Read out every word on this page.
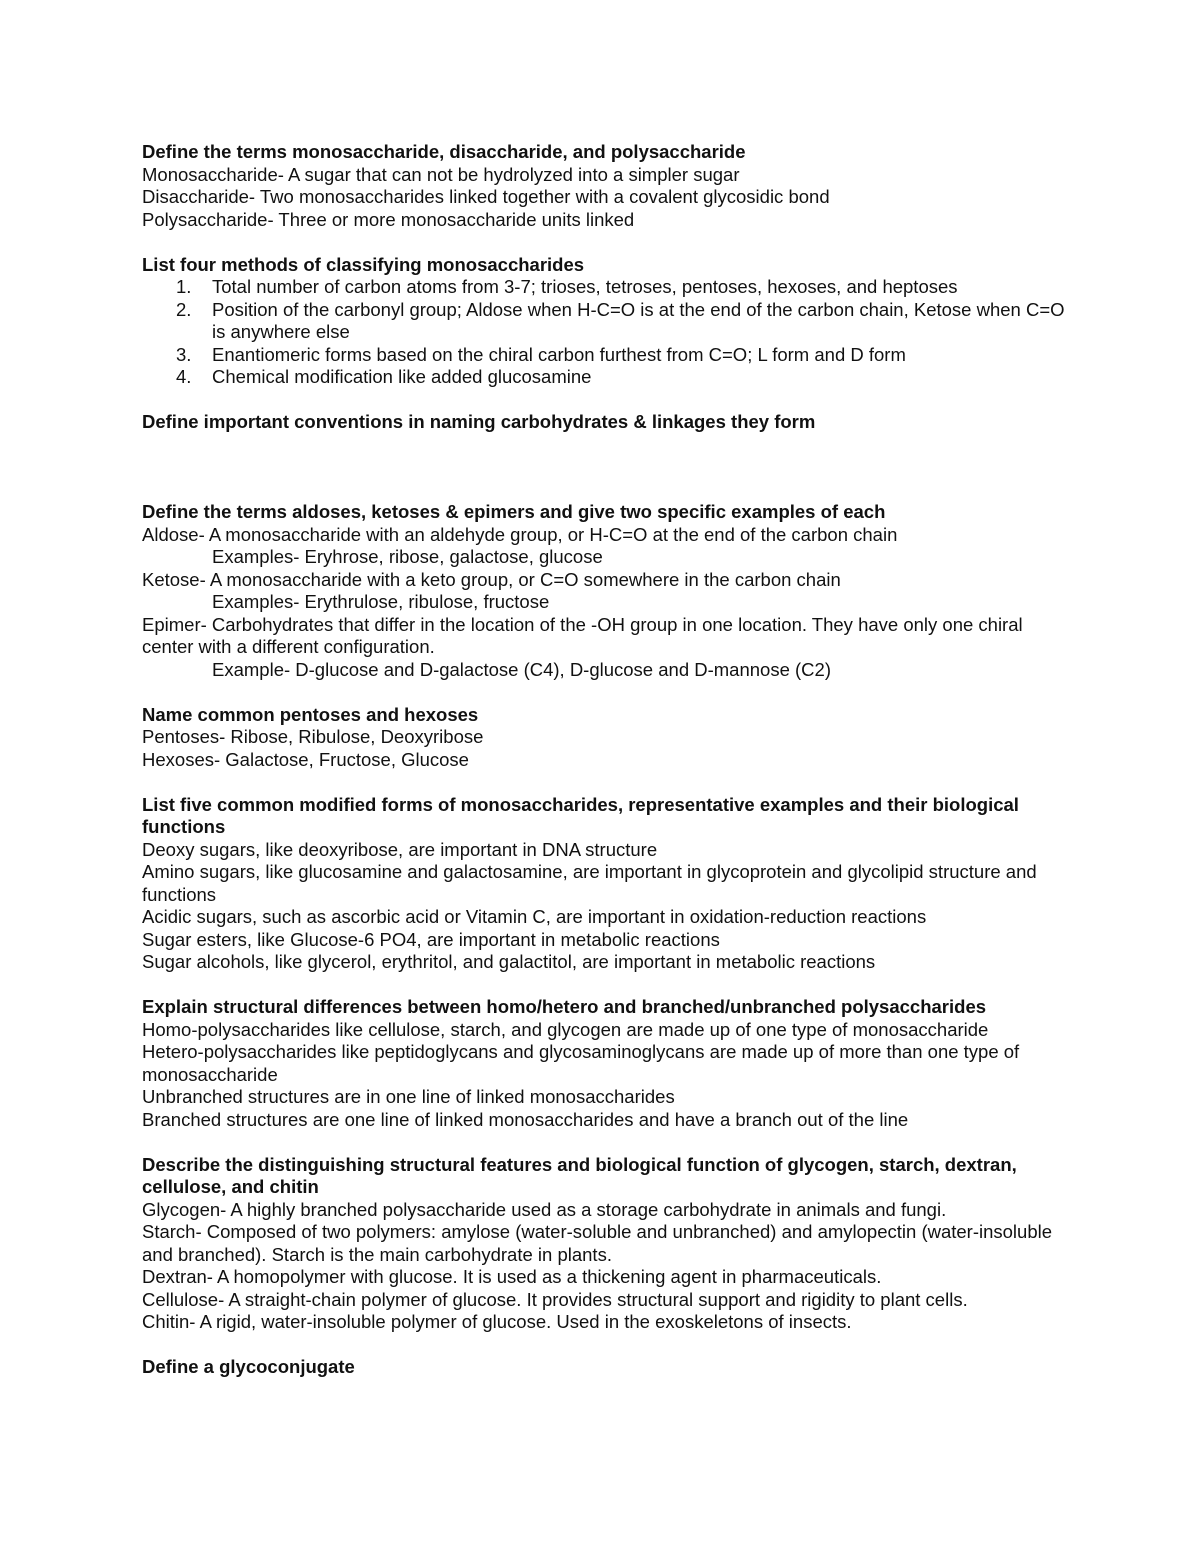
Define the terms monosaccharide, disaccharide, and polysaccharide

Monosaccharide- A sugar that can not be hydrolyzed into a simpler sugar

Disaccharide- Two monosaccharides linked together with a covalent glycosidic bond

Polysaccharide- Three or more monosaccharide units linked

List four methods of classifying monosaccharides

1. Total number of carbon atoms from 3-7; trioses, tetroses, pentoses, hexoses, and heptoses
2. Position of the carbonyl group; Aldose when H-C=O is at the end of the carbon chain, Ketose when C=O is anywhere else
3. Enantiomeric forms based on the chiral carbon furthest from C=O; L form and D form
4. Chemical modification like added glucosamine

Define important conventions in naming carbohydrates & linkages they form

Define the terms aldoses, ketoses & epimers and give two specific examples of each

Aldose- A monosaccharide with an aldehyde group, or H-C=O at the end of the carbon chain

Examples- Eryhrose, ribose, galactose, glucose

Ketose- A monosaccharide with a keto group, or C=O somewhere in the carbon chain

Examples- Erythrulose, ribulose, fructose

Epimer- Carbohydrates that differ in the location of the -OH group in one location. They have only one chiral center with a different configuration.

Example- D-glucose and D-galactose (C4), D-glucose and D-mannose (C2)

Name common pentoses and hexoses

Pentoses- Ribose, Ribulose, Deoxyribose

Hexoses- Galactose, Fructose, Glucose

List five common modified forms of monosaccharides, representative examples and their biological functions

Deoxy sugars, like deoxyribose, are important in DNA structure

Amino sugars, like glucosamine and galactosamine, are important in glycoprotein and glycolipid structure and functions

Acidic sugars, such as ascorbic acid or Vitamin C, are important in oxidation-reduction reactions

Sugar esters, like Glucose-6 PO4, are important in metabolic reactions

Sugar alcohols, like glycerol, erythritol, and galactitol, are important in metabolic reactions

Explain structural differences between homo/hetero and branched/unbranched polysaccharides

Homo-polysaccharides like cellulose, starch, and glycogen are made up of one type of monosaccharide

Hetero-polysaccharides like peptidoglycans and glycosaminoglycans are made up of more than one type of monosaccharide

Unbranched structures are in one line of linked monosaccharides

Branched structures are one line of linked monosaccharides and have a branch out of the line

Describe the distinguishing structural features and biological function of glycogen, starch, dextran, cellulose, and chitin

Glycogen- A highly branched polysaccharide used as a storage carbohydrate in animals and fungi.

Starch- Composed of two polymers: amylose (water-soluble and unbranched) and amylopectin (water-insoluble and branched). Starch is the main carbohydrate in plants.

Dextran- A homopolymer with glucose. It is used as a thickening agent in pharmaceuticals.

Cellulose- A straight-chain polymer of glucose. It provides structural support and rigidity to plant cells.

Chitin- A rigid, water-insoluble polymer of glucose. Used in the exoskeletons of insects.

Define a glycoconjugate
